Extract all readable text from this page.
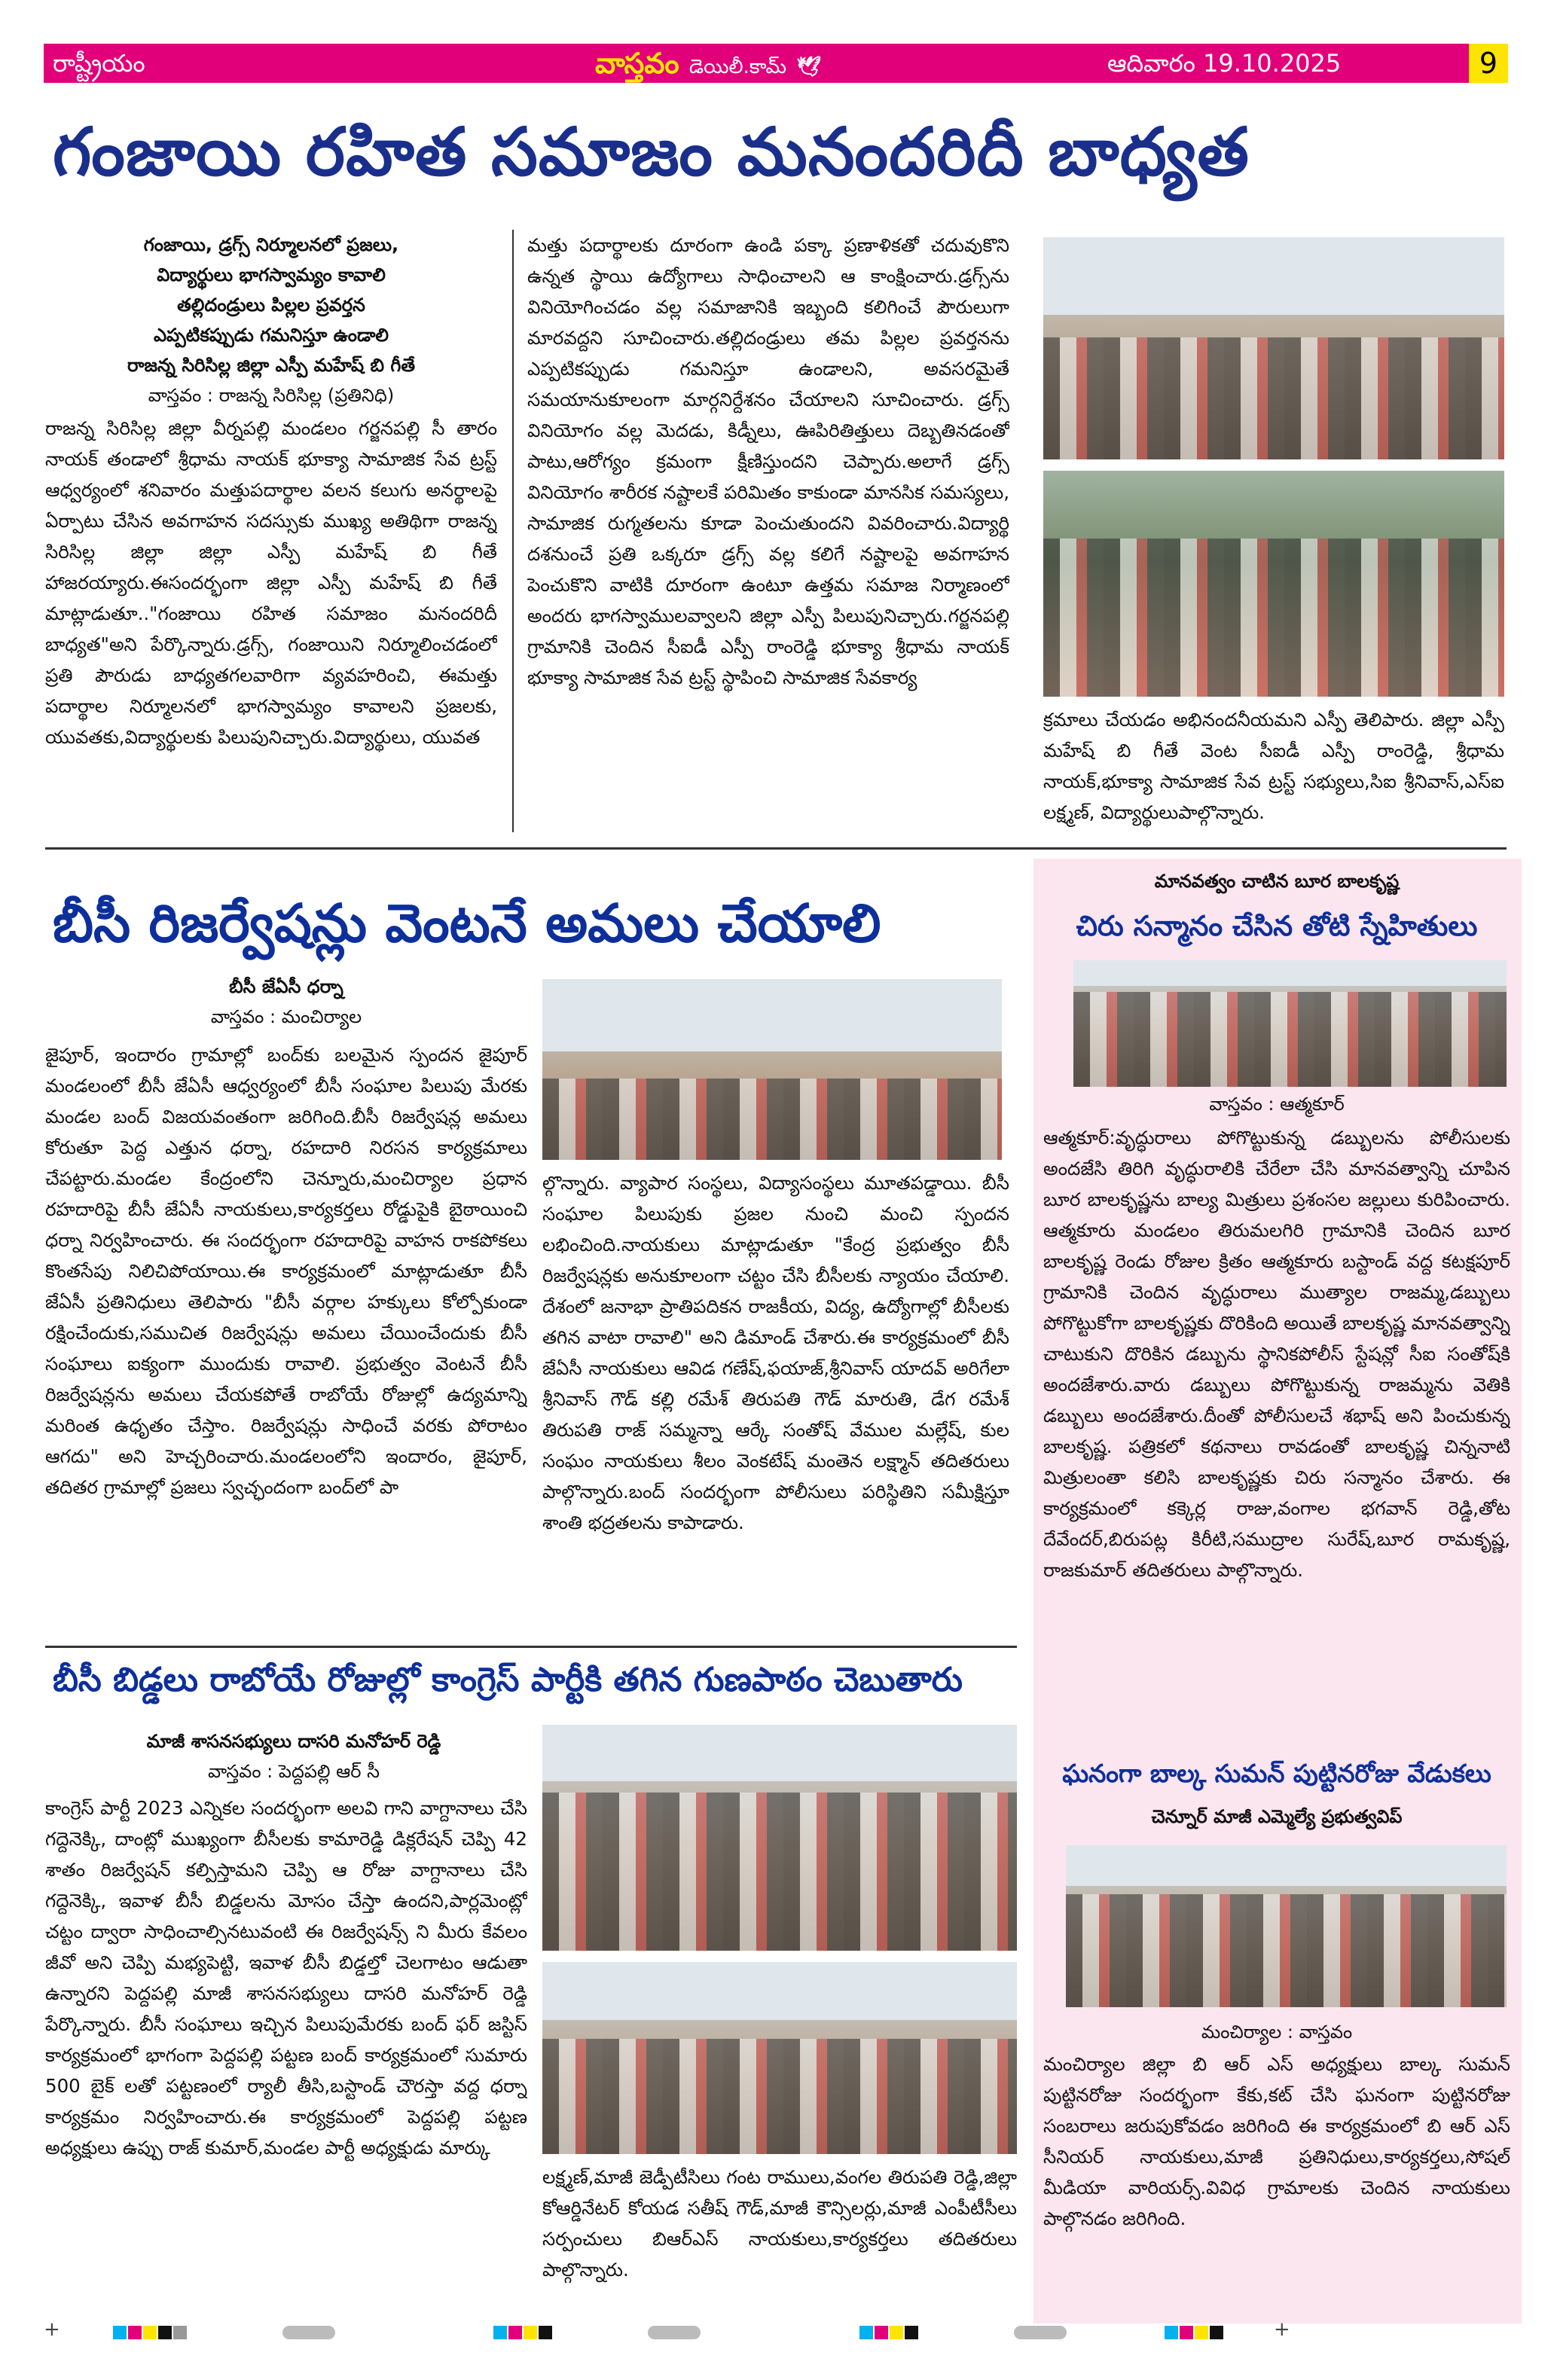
రాష్ట్రీయం	వాస్తవం డెయిలీ.కామ్ 🕊	ఆదివారం 19.10.2025	9
గంజాయి రహిత సమాజం మనందరిదీ బాధ్యత
గంజాయి, డ్రగ్స్ నిర్మూలనలో ప్రజలు,
విద్యార్థులు భాగస్వామ్యం కావాలి
తల్లిదండ్రులు పిల్లల ప్రవర్తన
ఎప్పటికప్పుడు గమనిస్తూ ఉండాలి
రాజన్న సిరిసిల్ల జిల్లా ఎస్పీ మహేష్ బి గీతే
వాస్తవం : రాజన్న సిరిసిల్ల (ప్రతినిధి)
రాజన్న సిరిసిల్ల జిల్లా వీర్నపల్లి మండలం గర్జనపల్లి సీ తారం నాయక్ తండాలో శ్రీధామ నాయక్ భూక్యా సామాజిక సేవ ట్రస్ట్ ఆధ్వర్యంలో శనివారం మత్తుపదార్థాల వలన కలుగు అనర్థాలపై ఏర్పాటు చేసిన అవగాహన సదస్సుకు ముఖ్య అతిథిగా రాజన్న సిరిసిల్ల జిల్లా జిల్లా ఎస్పీ మహేష్ బి గీతే హాజరయ్యారు.ఈసందర్భంగా జిల్లా ఎస్పీ మహేష్ బి గీతే మాట్లాడుతూ.."గంజాయి రహిత సమాజం మనందరిదీ బాధ్యత"అని పేర్కొన్నారు.డ్రగ్స్, గంజాయిని నిర్మూలించడంలో ప్రతి పౌరుడు బాధ్యతగలవారిగా వ్యవహరించి, ఈమత్తు పదార్థాల నిర్మూలనలో భాగస్వామ్యం కావాలని ప్రజలకు, యువతకు,విద్యార్థులకు పిలుపునిచ్చారు.విద్యార్థులు, యువత
మత్తు పదార్థాలకు దూరంగా ఉండి పక్కా ప్రణాళికతో చదువుకొని ఉన్నత స్థాయి ఉద్యోగాలు సాధించాలని ఆ కాంక్షించారు.డ్రగ్స్‌ను వినియోగించడం వల్ల సమాజానికి ఇబ్బంది కలిగించే పౌరులుగా మారవద్దని సూచించారు.తల్లిదండ్రులు తమ పిల్లల ప్రవర్తనను ఎప్పటికప్పుడు గమనిస్తూ ఉండాలని, అవసరమైతే సమయానుకూలంగా మార్గనిర్దేశనం చేయాలని సూచించారు. డ్రగ్స్ వినియోగం వల్ల మెదడు, కిడ్నీలు, ఊపిరితిత్తులు దెబ్బతినడంతో పాటు,ఆరోగ్యం క్రమంగా క్షీణిస్తుందని చెప్పారు.అలాగే డ్రగ్స్ వినియోగం శారీరక నష్టాలకే పరిమితం కాకుండా మానసిక సమస్యలు, సామాజిక రుగ్మతలను కూడా పెంచుతుందని వివరించారు.విద్యార్థి దశనుంచే ప్రతి ఒక్కరూ డ్రగ్స్ వల్ల కలిగే నష్టాలపై అవగాహన పెంచుకొని వాటికి దూరంగా ఉంటూ ఉత్తమ సమాజ నిర్మాణంలో అందరు భాగస్వాములవ్వాలని జిల్లా ఎస్పీ పిలుపునిచ్చారు.గర్జనపల్లి గ్రామానికి చెందిన సీఐడీ ఎస్పీ రాంరెడ్డి భూక్యా శ్రీధామ నాయక్ భూక్యా సామాజిక సేవ ట్రస్ట్ స్థాపించి సామాజిక సేవకార్య
క్రమాలు చేయడం అభినందనీయమని ఎస్పీ తెలిపారు. జిల్లా ఎస్పీ మహేష్ బి గీతే వెంట సీఐడీ ఎస్పీ రాంరెడ్డి, శ్రీధామ నాయక్,భూక్యా సామాజిక సేవ ట్రస్ట్ సభ్యులు,సిఐ శ్రీనివాస్,ఎస్ఐ లక్ష్మణ్, విద్యార్థులుపాల్గొన్నారు.
బీసీ రిజర్వేషన్లు వెంటనే అమలు చేయాలి
బీసీ జేఏసీ ధర్నా
వాస్తవం : మంచిర్యాల
జైపూర్, ఇందారం గ్రామాల్లో బంద్‌కు బలమైన స్పందన జైపూర్ మండలంలో బీసీ జేఏసీ ఆధ్వర్యంలో బీసీ సంఘాల పిలుపు మేరకు మండల బంద్ విజయవంతంగా జరిగింది.బీసీ రిజర్వేషన్ల అమలు కోరుతూ పెద్ద ఎత్తున ధర్నా, రహదారి నిరసన కార్యక్రమాలు చేపట్టారు.మండల కేంద్రంలోని చెన్నూరు,మంచిర్యాల ప్రధాన రహదారిపై బీసీ జేఏసీ నాయకులు,కార్యకర్తలు రోడ్డుపైకి బైఠాయించి ధర్నా నిర్వహించారు. ఈ సందర్భంగా రహదారిపై వాహన రాకపోకలు కొంతసేపు నిలిచిపోయాయి.ఈ కార్యక్రమంలో మాట్లాడుతూ బీసీ జేఏసీ ప్రతినిధులు తెలిపారు "బీసీ వర్గాల హక్కులు కోల్పోకుండా రక్షించేందుకు,సముచిత రిజర్వేషన్లు అమలు చేయించేందుకు బీసీ సంఘాలు ఐక్యంగా ముందుకు రావాలి. ప్రభుత్వం వెంటనే బీసీ రిజర్వేషన్లను అమలు చేయకపోతే రాబోయే రోజుల్లో ఉద్యమాన్ని మరింత ఉధృతం చేస్తాం. రిజర్వేషన్లు సాధించే వరకు పోరాటం ఆగదు" అని హెచ్చరించారు.మండలంలోని ఇందారం, జైపూర్, తదితర గ్రామాల్లో ప్రజలు స్వచ్ఛందంగా బంద్‌లో పా
ల్గొన్నారు. వ్యాపార సంస్థలు, విద్యాసంస్థలు మూతపడ్డాయి. బీసీ సంఘాల పిలుపుకు ప్రజల నుంచి మంచి స్పందన లభించింది.నాయకులు మాట్లాడుతూ "కేంద్ర ప్రభుత్వం బీసీ రిజర్వేషన్లకు అనుకూలంగా చట్టం చేసి బీసీలకు న్యాయం చేయాలి. దేశంలో జనాభా ప్రాతిపదికన రాజకీయ, విద్య, ఉద్యోగాల్లో బీసీలకు తగిన వాటా రావాలి" అని డిమాండ్ చేశారు.ఈ కార్యక్రమంలో బీసీ జేఏసీ నాయకులు ఆవిడ గణేష్,ఫయాజ్,శ్రీనివాస్ యాదవ్ అరిగేలా శ్రీనివాస్ గౌడ్ కల్లి రమేశ్ తిరుపతి గౌడ్ మారుతి, డేగ రమేశ్ తిరుపతి రాజ్ సమ్మన్నా ఆర్కే సంతోష్ వేముల మల్లేష్, కుల సంఘం నాయకులు శీలం వెంకటేష్ మంతెన లక్ష్మాన్ తదితరులు పాల్గొన్నారు.బంద్ సందర్భంగా పోలీసులు పరిస్థితిని సమీక్షిస్తూ శాంతి భద్రతలను కాపాడారు.
బీసీ బిడ్డలు రాబోయే రోజుల్లో కాంగ్రెస్ పార్టీకి తగిన గుణపాఠం చెబుతారు
మాజీ శాసనసభ్యులు దాసరి మనోహర్ రెడ్డి
వాస్తవం : పెద్దపల్లి ఆర్ సీ
కాంగ్రెస్ పార్టీ 2023 ఎన్నికల సందర్భంగా అలవి గాని వాగ్దానాలు చేసి గద్దెనెక్కి, దాంట్లో ముఖ్యంగా బీసీలకు కామారెడ్డి డిక్లరేషన్ చెప్పి 42 శాతం రిజర్వేషన్ కల్పిస్తామని చెప్పి ఆ రోజు వాగ్దానాలు చేసి గద్దెనెక్కి, ఇవాళ బీసీ బిడ్డలను మోసం చేస్తా ఉందని,పార్లమెంట్లో చట్టం ద్వారా సాధించాల్సినటువంటి ఈ రిజర్వేషన్స్ ని మీరు కేవలం జీవో అని చెప్పి మభ్యపెట్టి, ఇవాళ బీసీ బిడ్డల్తో చెలగాటం ఆడుతా ఉన్నారని పెద్దపల్లి మాజీ శాసనసభ్యులు దాసరి మనోహర్ రెడ్డి పేర్కొన్నారు. బీసీ సంఘాలు ఇచ్చిన పిలుపుమేరకు బంద్ ఫర్ జస్టిస్ కార్యక్రమంలో భాగంగా పెద్దపల్లి పట్టణ బంద్ కార్యక్రమంలో సుమారు 500 బైక్ లతో పట్టణంలో ర్యాలీ తీసి,బస్టాండ్ చౌరస్తా వద్ద ధర్నా కార్యక్రమం నిర్వహించారు.ఈ కార్యక్రమంలో పెద్దపల్లి పట్టణ అధ్యక్షులు ఉప్పు రాజ్ కుమార్,మండల పార్టీ అధ్యక్షుడు మార్కు
లక్ష్మణ్,మాజీ జెడ్పీటీసిలు గంట రాములు,వంగల తిరుపతి రెడ్డి,జిల్లా కోఆర్డినేటర్ కోయడ సతీష్ గౌడ్,మాజీ కౌన్సిలర్లు,మాజీ ఎంపీటీసీలు సర్పంచులు బిఆర్ఎస్ నాయకులు,కార్యకర్తలు తదితరులు పాల్గొన్నారు.
మానవత్వం చాటిన బూర బాలకృష్ణ
చిరు సన్మానం చేసిన తోటి స్నేహితులు
వాస్తవం : ఆత్మకూర్
ఆత్మకూర్:వృద్ధురాలు పోగొట్టుకున్న డబ్బులను పోలీసులకు అందజేసి తిరిగి వృద్ధురాలికి చేరేలా చేసి మానవత్వాన్ని చూపిన బూర బాలకృష్ణను బాల్య మిత్రులు ప్రశంసల జల్లులు కురిపించారు. ఆత్మకూరు మండలం తిరుమలగిరి గ్రామానికి చెందిన బూర బాలకృష్ణ రెండు రోజుల క్రితం ఆత్మకూరు బస్టాండ్ వద్ద కటక్షపూర్ గ్రామానికి చెందిన వృద్ధురాలు ముత్యాల రాజమ్మ,డబ్బులు పోగొట్టుకోగా బాలకృష్ణకు దొరికింది అయితే బాలకృష్ణ మానవత్వాన్ని చాటుకుని దొరికిన డబ్బును స్థానికపోలీస్ స్టేషన్లో సీఐ సంతోష్‌కి అందజేశారు.వారు డబ్బులు పోగొట్టుకున్న రాజమ్మను వెతికి డబ్బులు అందజేశారు.దీంతో పోలీసులచే శభాష్ అని పించుకున్న బాలకృష్ణ. పత్రికలో కథనాలు రావడంతో బాలకృష్ణ చిన్ననాటి మిత్రులంతా కలిసి బాలకృష్ణకు చిరు సన్మానం చేశారు. ఈ కార్యక్రమంలో కక్కెర్ల రాజు,వంగాల భగవాన్ రెడ్డి,తోట దేవేందర్,బిరుపట్ల కిరీటి,సముద్రాల సురేష్,బూర రామకృష్ణ, రాజకుమార్ తదితరులు పాల్గొన్నారు.
ఘనంగా బాల్క సుమన్ పుట్టినరోజు వేడుకలు
చెన్నూర్ మాజీ ఎమ్మెల్యే ప్రభుత్వవిప్
మంచిర్యాల : వాస్తవం
మంచిర్యాల జిల్లా బి ఆర్ ఎస్ అధ్యక్షులు బాల్క సుమన్ పుట్టినరోజు సందర్భంగా కేకు,కట్ చేసి ఘనంగా పుట్టినరోజు సంబరాలు జరుపుకోవడం జరిగింది ఈ కార్యక్రమంలో బి ఆర్ ఎస్ సీనియర్ నాయకులు,మాజీ ప్రతినిధులు,కార్యకర్తలు,సోషల్ మీడియా వారియర్స్.వివిధ గ్రామాలకు చెందిన నాయకులు పాల్గొనడం జరిగింది.
+	+
